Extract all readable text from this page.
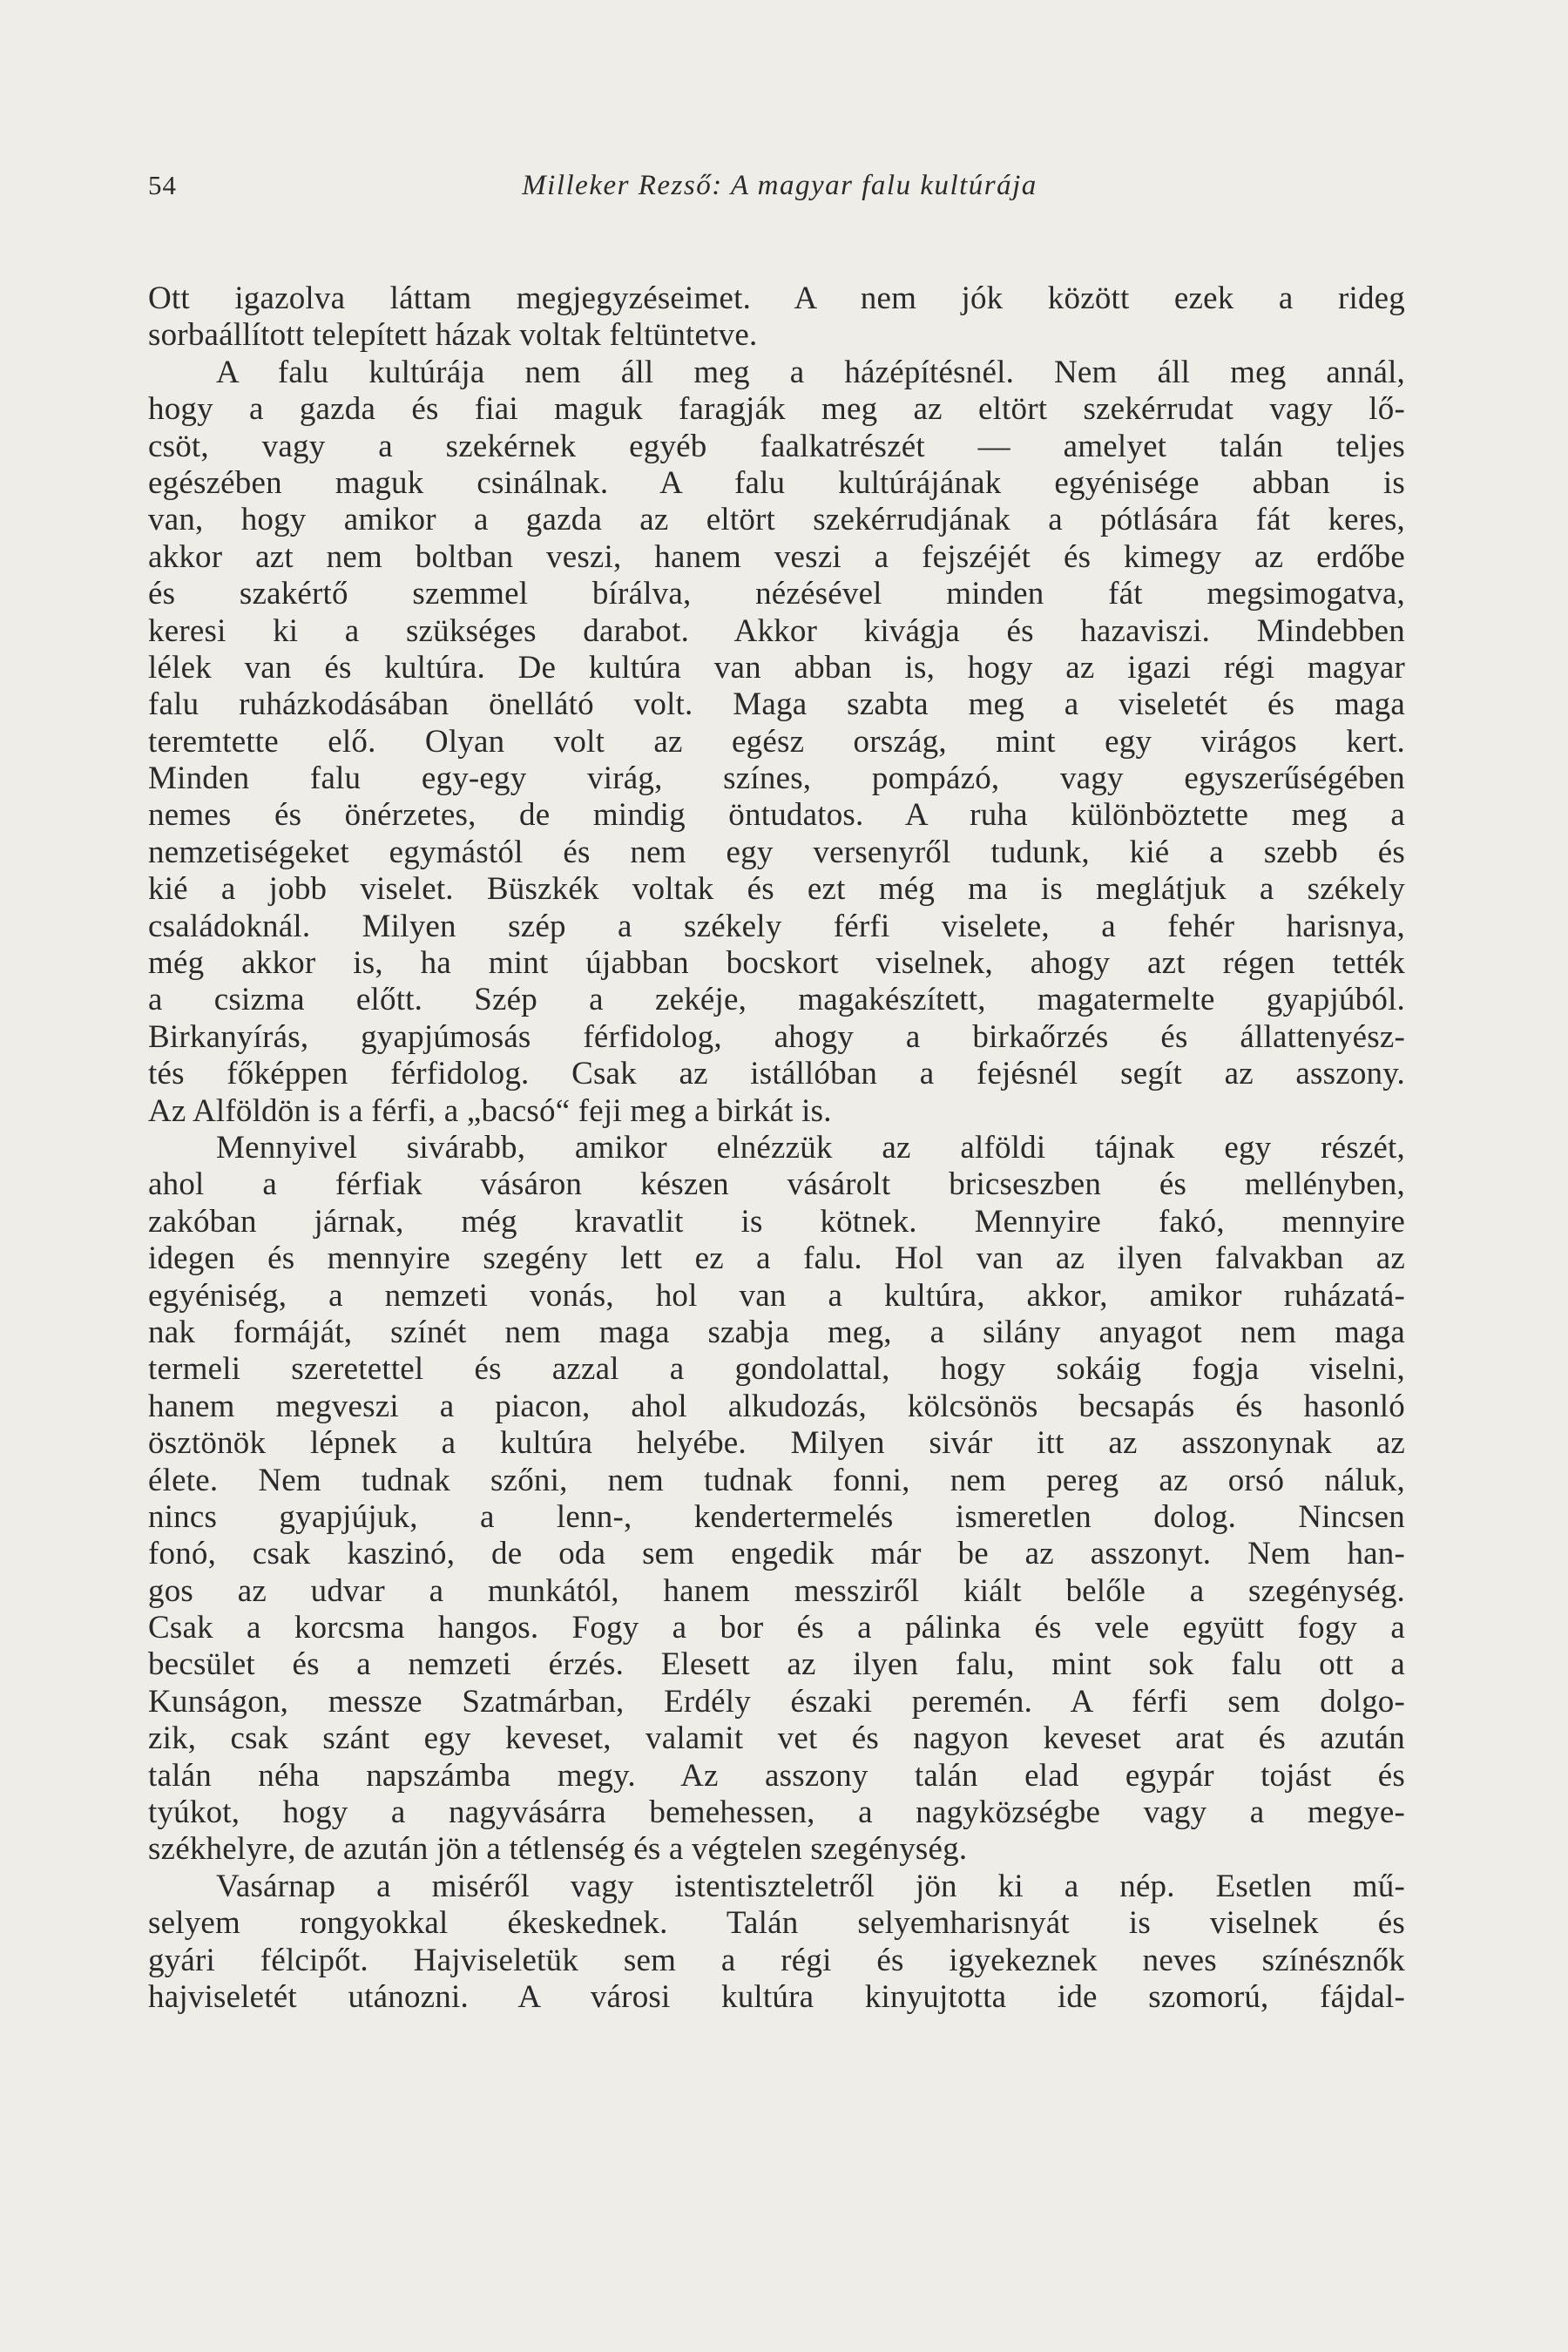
54	Milleker Rezső: A magyar falu kultúrája
Ott igazolva láttam megjegyzéseimet. A nem jók között ezek a rideg
sorbaállított telepített házak voltak feltüntetve.
A falu kultúrája nem áll meg a házépítésnél. Nem áll meg annál,
hogy a gazda és fiai maguk faragják meg az eltört szekérrudat vagy lő-
csöt, vagy a szekérnek egyéb faalkatrészét — amelyet talán teljes
egészében maguk csinálnak. A falu kultúrájának egyénisége abban is
van, hogy amikor a gazda az eltört szekérrudjának a pótlására fát keres,
akkor azt nem boltban veszi, hanem veszi a fejszéjét és kimegy az erdőbe
és szakértő szemmel bírálva, nézésével minden fát megsimogatva,
keresi ki a szükséges darabot. Akkor kivágja és hazaviszi. Mindebben
lélek van és kultúra. De kultúra van abban is, hogy az igazi régi magyar
falu ruházkodásában önellátó volt. Maga szabta meg a viseletét és maga
teremtette elő. Olyan volt az egész ország, mint egy virágos kert.
Minden falu egy-egy virág, színes, pompázó, vagy egyszerűségében
nemes és önérzetes, de mindig öntudatos. A ruha különböztette meg a
nemzetiségeket egymástól és nem egy versenyről tudunk, kié a szebb és
kié a jobb viselet. Büszkék voltak és ezt még ma is meglátjuk a székely
családoknál. Milyen szép a székely férfi viselete, a fehér harisnya,
még akkor is, ha mint újabban bocskort viselnek, ahogy azt régen tették
a csizma előtt. Szép a zekéje, magakészített, magatermelte gyapjúból.
Birkanyírás, gyapjúmosás férfidolog, ahogy a birkaőrzés és állattenyész-
tés főképpen férfidolog. Csak az istállóban a fejésnél segít az asszony.
Az Alföldön is a férfi, a „bacsó“ feji meg a birkát is.
Mennyivel sivárabb, amikor elnézzük az alföldi tájnak egy részét,
ahol a férfiak vásáron készen vásárolt bricseszben és mellényben,
zakóban járnak, még kravatlit is kötnek. Mennyire fakó, mennyire
idegen és mennyire szegény lett ez a falu. Hol van az ilyen falvakban az
egyéniség, a nemzeti vonás, hol van a kultúra, akkor, amikor ruházatá-
nak formáját, színét nem maga szabja meg, a silány anyagot nem maga
termeli szeretettel és azzal a gondolattal, hogy sokáig fogja viselni,
hanem megveszi a piacon, ahol alkudozás, kölcsönös becsapás és hasonló
ösztönök lépnek a kultúra helyébe. Milyen sivár itt az asszonynak az
élete. Nem tudnak szőni, nem tudnak fonni, nem pereg az orsó náluk,
nincs gyapjújuk, a lenn-, kendertermelés ismeretlen dolog. Nincsen
fonó, csak kaszinó, de oda sem engedik már be az asszonyt. Nem han-
gos az udvar a munkától, hanem messziről kiált belőle a szegénység.
Csak a korcsma hangos. Fogy a bor és a pálinka és vele együtt fogy a
becsület és a nemzeti érzés. Elesett az ilyen falu, mint sok falu ott a
Kunságon, messze Szatmárban, Erdély északi peremén. A férfi sem dolgo-
zik, csak szánt egy keveset, valamit vet és nagyon keveset arat és azután
talán néha napszámba megy. Az asszony talán elad egypár tojást és
tyúkot, hogy a nagyvásárra bemehessen, a nagyközségbe vagy a megye-
székhelyre, de azután jön a tétlenség és a végtelen szegénység.
Vasárnap a miséről vagy istentiszteletről jön ki a nép. Esetlen mű-
selyem rongyokkal ékeskednek. Talán selyemharisnyát is viselnek és
gyári félcipőt. Hajviseletük sem a régi és igyekeznek neves színésznők
hajviseletét utánozni. A városi kultúra kinyujtotta ide szomorú, fájdal-
